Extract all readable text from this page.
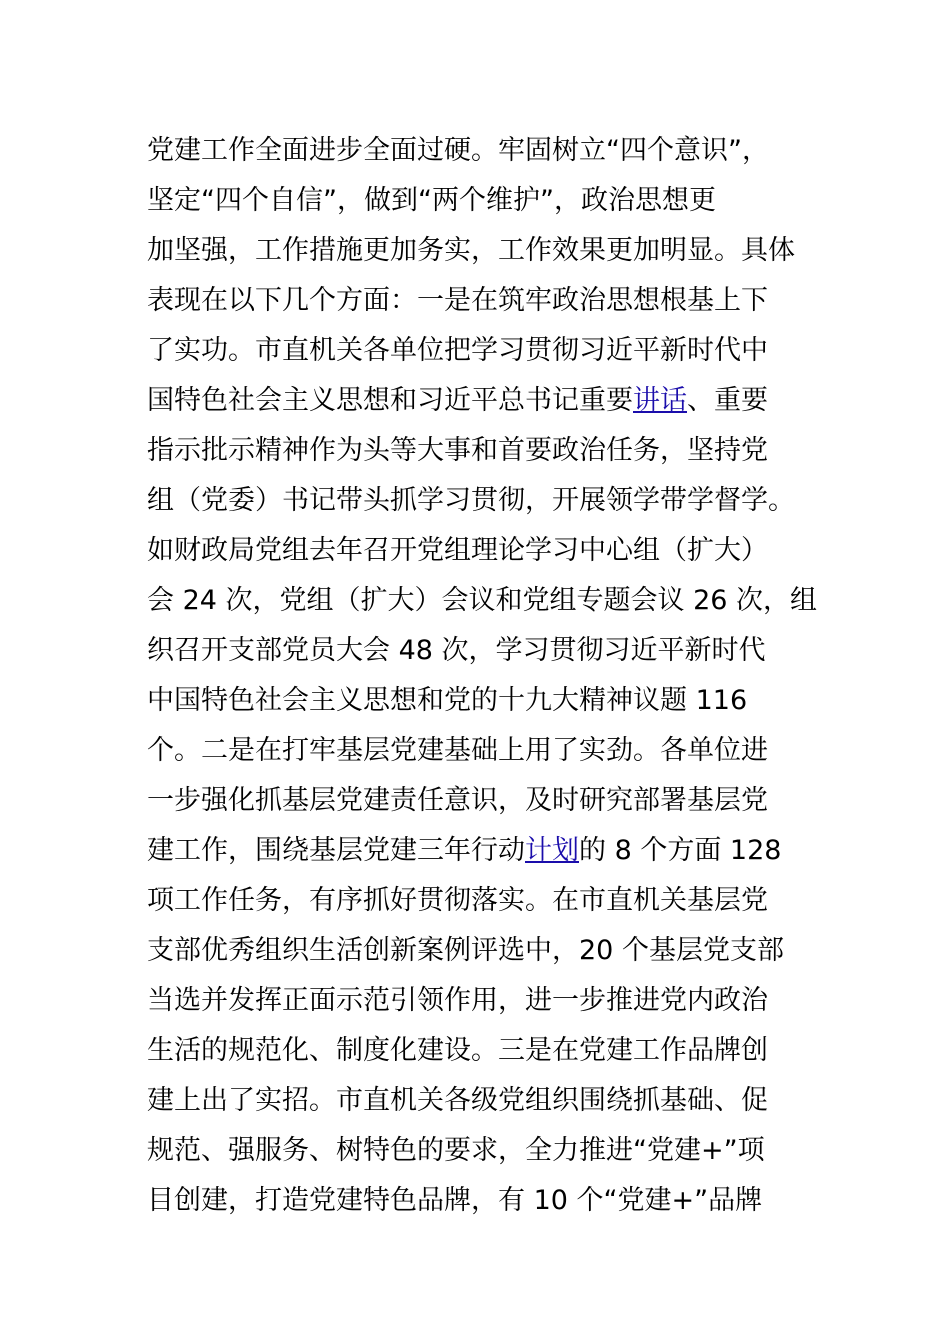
党建工作全面进步全面过硬。牢固树立“四个意识”，
坚定“四个自信”，做到“两个维护”，政治思想更
加坚强，工作措施更加务实，工作效果更加明显。具体
表现在以下几个方面：一是在筑牢政治思想根基上下
了实功。市直机关各单位把学习贯彻习近平新时代中
国特色社会主义思想和习近平总书记重要讲话、重要
指示批示精神作为头等大事和首要政治任务，坚持党
组（党委）书记带头抓学习贯彻，开展领学带学督学。
如财政局党组去年召开党组理论学习中心组（扩大）
会 24 次，党组（扩大）会议和党组专题会议 26 次，组
织召开支部党员大会 48 次，学习贯彻习近平新时代
中国特色社会主义思想和党的十九大精神议题 116
个。二是在打牢基层党建基础上用了实劲。各单位进
一步强化抓基层党建责任意识，及时研究部署基层党
建工作，围绕基层党建三年行动计划的 8 个方面 128
项工作任务，有序抓好贯彻落实。在市直机关基层党
支部优秀组织生活创新案例评选中，20 个基层党支部
当选并发挥正面示范引领作用，进一步推进党内政治
生活的规范化、制度化建设。三是在党建工作品牌创
建上出了实招。市直机关各级党组织围绕抓基础、促
规范、强服务、树特色的要求，全力推进“党建+”项
目创建，打造党建特色品牌，有 10 个“党建+”品牌
